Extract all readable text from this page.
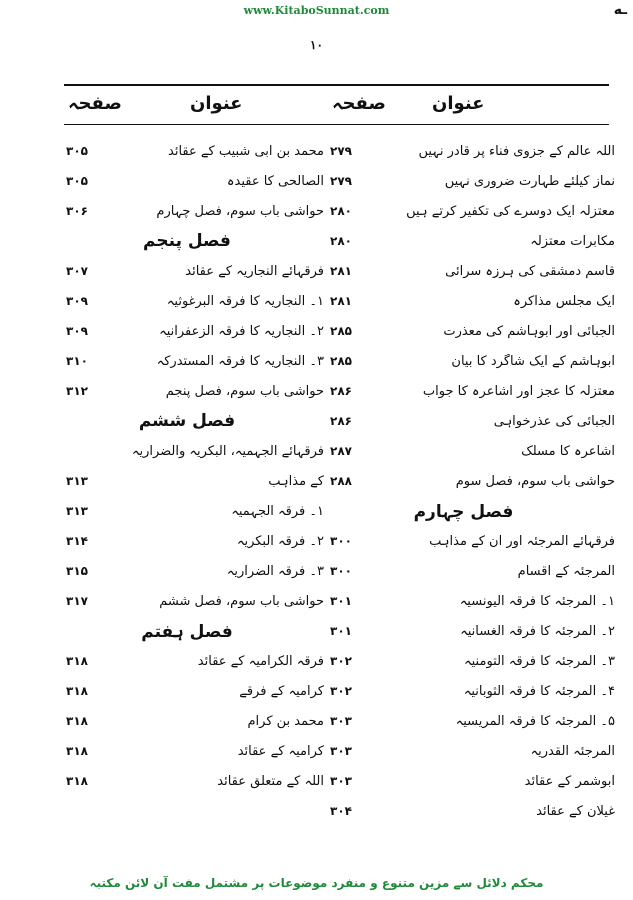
www.KitaboSunnat.com	ـه
۱۰
عنوان
صفحہ
عنوان
صفحہ
اللہ عالم کے جزوی فناء پر قادر نہیں
۲۷۹
نماز کیلئے طہارت ضروری نہیں
۲۷۹
معتزلہ ایک دوسرے کی تکفیر کرتے ہیں
۲۸۰
مکابرات معتزلہ
۲۸۰
قاسم دمشقی کی ہرزہ سرائی
۲۸۱
ایک مجلس مذاکرہ
۲۸۱
الجبائی اور ابوہاشم کی معذرت
۲۸۵
ابوہاشم کے ایک شاگرد کا بیان
۲۸۵
معتزلہ کا عجز اور اشاعرہ کا جواب
۲۸۶
الجبائی کی عذرخواہی
۲۸۶
اشاعرہ کا مسلک
۲۸۷
حواشی باب سوم، فصل سوم
۲۸۸
فصل چہارم
فرقہائے المرجئہ اور ان کے مذاہب
۳۰۰
المرجئہ کے اقسام
۳۰۰
۱۔ المرجئہ کا فرقہ الیونسیہ
۳۰۱
۲۔ المرجئہ کا فرقہ الغسانیہ
۳۰۱
۳۔ المرجئہ کا فرقہ التومنیہ
۳۰۲
۴۔ المرجئہ کا فرقہ الثوبانیہ
۳۰۲
۵۔ المرجئہ کا فرقہ المریسیہ
۳۰۳
المرجئہ القدریہ
۳۰۳
ابوشمر کے عقائد
۳۰۳
غیلان کے عقائد
۳۰۴
محمد بن ابی شبیب کے عقائد
۳۰۵
الصالحی کا عقیدہ
۳۰۵
حواشی باب سوم، فصل چہارم
۳۰۶
فصل پنجم
فرقہائے النجاریہ کے عقائد
۳۰۷
۱۔ النجاریہ کا فرقہ البرغوثیہ
۳۰۹
۲۔ النجاریہ کا فرقہ الزعفرانیہ
۳۰۹
۳۔ النجاریہ کا فرقہ المستدرکہ
۳۱۰
حواشی باب سوم، فصل پنجم
۳۱۲
فصل ششم
فرقہائے الجہمیہ، البکریہ والضراریہ
کے مذاہب
۳۱۳
۱۔ فرقہ الجہمیہ
۳۱۳
۲۔ فرقہ البکریہ
۳۱۴
۳۔ فرقہ الضراریہ
۳۱۵
حواشی باب سوم، فصل ششم
۳۱۷
فصل ہفتم
فرقہ الکرامیہ کے عقائد
۳۱۸
کرامیہ کے فرقے
۳۱۸
محمد بن کرام
۳۱۸
کرامیہ کے عقائد
۳۱۸
اللہ کے متعلق عقائد
۳۱۸
محکم دلائل سے مزین متنوع و منفرد موضوعات پر مشتمل مفت آن لائن مکتبہ
